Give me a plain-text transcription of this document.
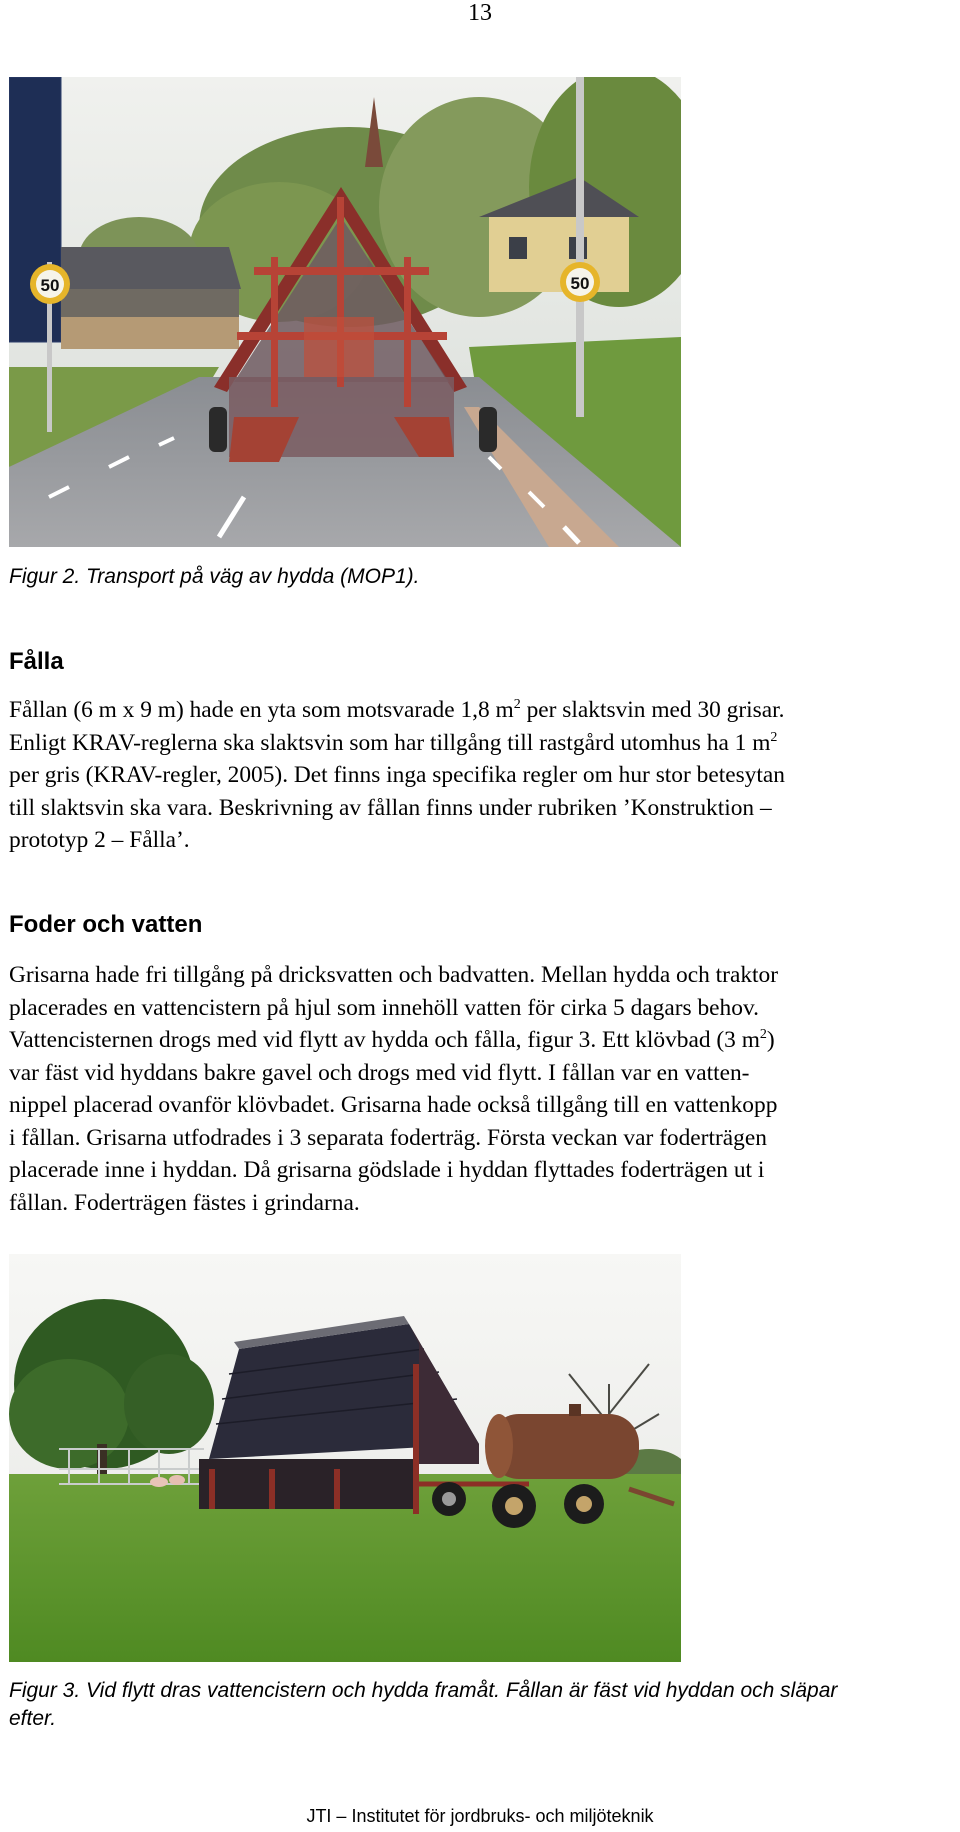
13
50	50
Figur 2. Transport på väg av hydda (MOP1).
Fålla

Fållan (6 m x 9 m) hade en yta som motsvarade 1,8 $m^2$ per slaktsvin med 30 grisar.

Enligt KRAV-reglerna ska slaktsvin som har tillgång till rastgård utomhus ha 1 $m^2$

per gris (KRAV-regler, 2005). Det finns inga specifika regler om hur stor betesytan

till slaktsvin ska vara. Beskrivning av fållan finns under rubriken ’Konstruktion –

prototyp 2 – Fålla’.

Foder och vatten

Grisarna hade fri tillgång på dricksvatten och badvatten. Mellan hydda och traktor

placerades en vattencistern på hjul som innehöll vatten för cirka 5 dagars behov.

Vattencisternen drogs med vid flytt av hydda och fålla, figur 3. Ett klövbad (3 $m^2$)

var fäst vid hyddans bakre gavel och drogs med vid flytt. I fållan var en vatten-

nippel placerad ovanför klövbadet. Grisarna hade också tillgång till en vattenkopp

i fållan. Grisarna utfodrades i 3 separata foderträg. Första veckan var foderträgen

placerade inne i hyddan. Då grisarna gödslade i hyddan flyttades foderträgen ut i

fållan. Foderträgen fästes i grindarna.

Figur 3. Vid flytt dras vattencistern och hydda framåt. Fållan är fäst vid hyddan och släpar
efter.
JTI – Institutet för jordbruks- och miljöteknik
